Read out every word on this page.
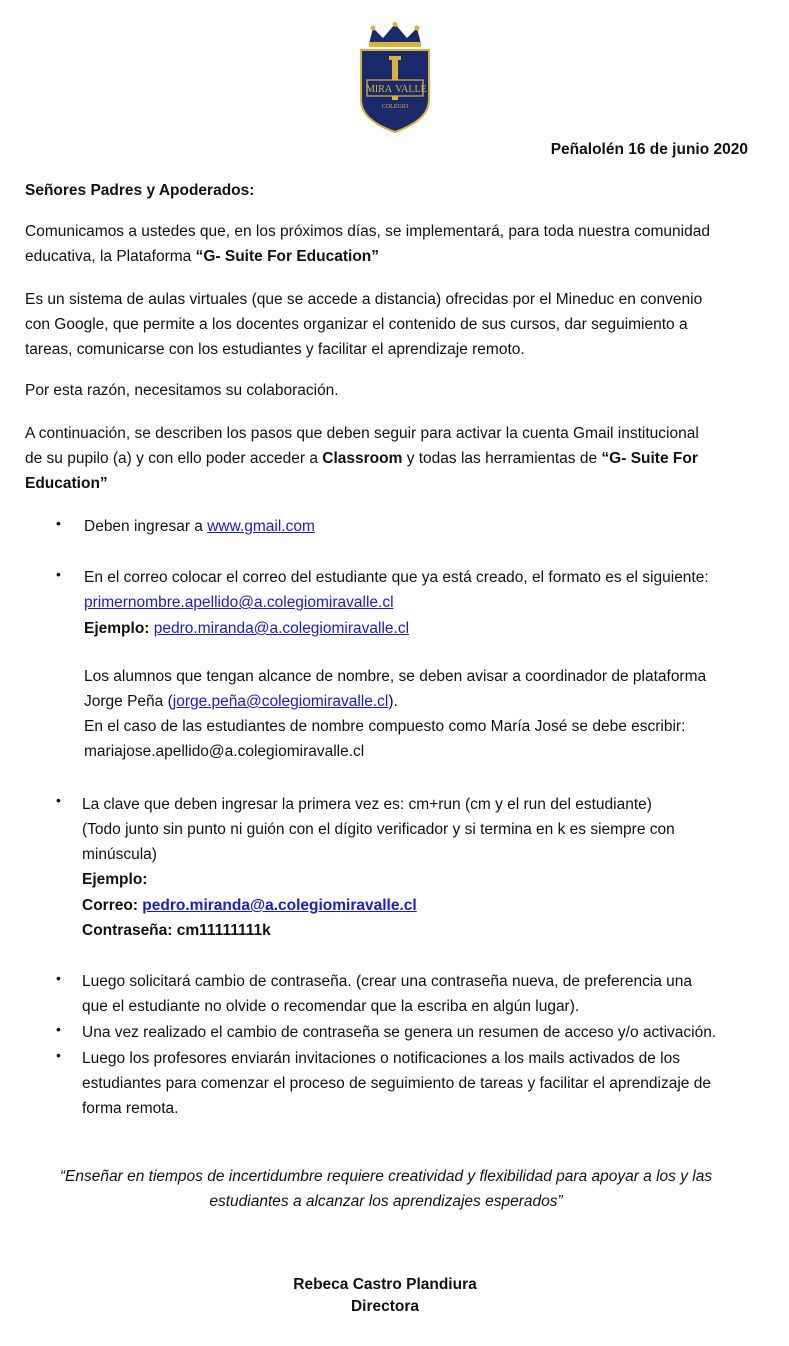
MIRA VALLE
COLEGIO
Peñalolén 16 de junio 2020
Señores Padres y Apoderados:
Comunicamos a ustedes que, en los próximos días, se implementará, para toda nuestra comunidad
educativa, la Plataforma “G- Suite For Education”
Es un sistema de aulas virtuales (que se accede a distancia) ofrecidas por el Mineduc en convenio
con Google, que permite a los docentes organizar el contenido de sus cursos, dar seguimiento a
tareas, comunicarse con los estudiantes y facilitar el aprendizaje remoto.
Por esta razón, necesitamos su colaboración.
A continuación, se describen los pasos que deben seguir para activar la cuenta Gmail institucional
de su pupilo (a) y con ello poder acceder a Classroom y todas las herramientas de “G- Suite For
Education”
• Deben ingresar a www.gmail.com
• En el correo colocar el correo del estudiante que ya está creado, el formato es el siguiente:
primernombre.apellido@a.colegiomiravalle.cl
Ejemplo: pedro.miranda@a.colegiomiravalle.cl
Los alumnos que tengan alcance de nombre, se deben avisar a coordinador de plataforma
Jorge Peña (jorge.peña@colegiomiravalle.cl).
En el caso de las estudiantes de nombre compuesto como María José se debe escribir:
mariajose.apellido@a.colegiomiravalle.cl
• La clave que deben ingresar la primera vez es: cm+run (cm y el run del estudiante)
(Todo junto sin punto ni guión con el dígito verificador y si termina en k es siempre con
minúscula)
Ejemplo:
Correo: pedro.miranda@a.colegiomiravalle.cl
Contraseña: cm11111111k
• Luego solicitará cambio de contraseña. (crear una contraseña nueva, de preferencia una
que el estudiante no olvide o recomendar que la escriba en algún lugar).
• Una vez realizado el cambio de contraseña se genera un resumen de acceso y/o activación.
• Luego los profesores enviarán invitaciones o notificaciones a los mails activados de los
estudiantes para comenzar el proceso de seguimiento de tareas y facilitar el aprendizaje de
forma remota.
“Enseñar en tiempos de incertidumbre requiere creatividad y flexibilidad para apoyar a los y las
estudiantes a alcanzar los aprendizajes esperados”
Rebeca Castro Plandiura
Directora
